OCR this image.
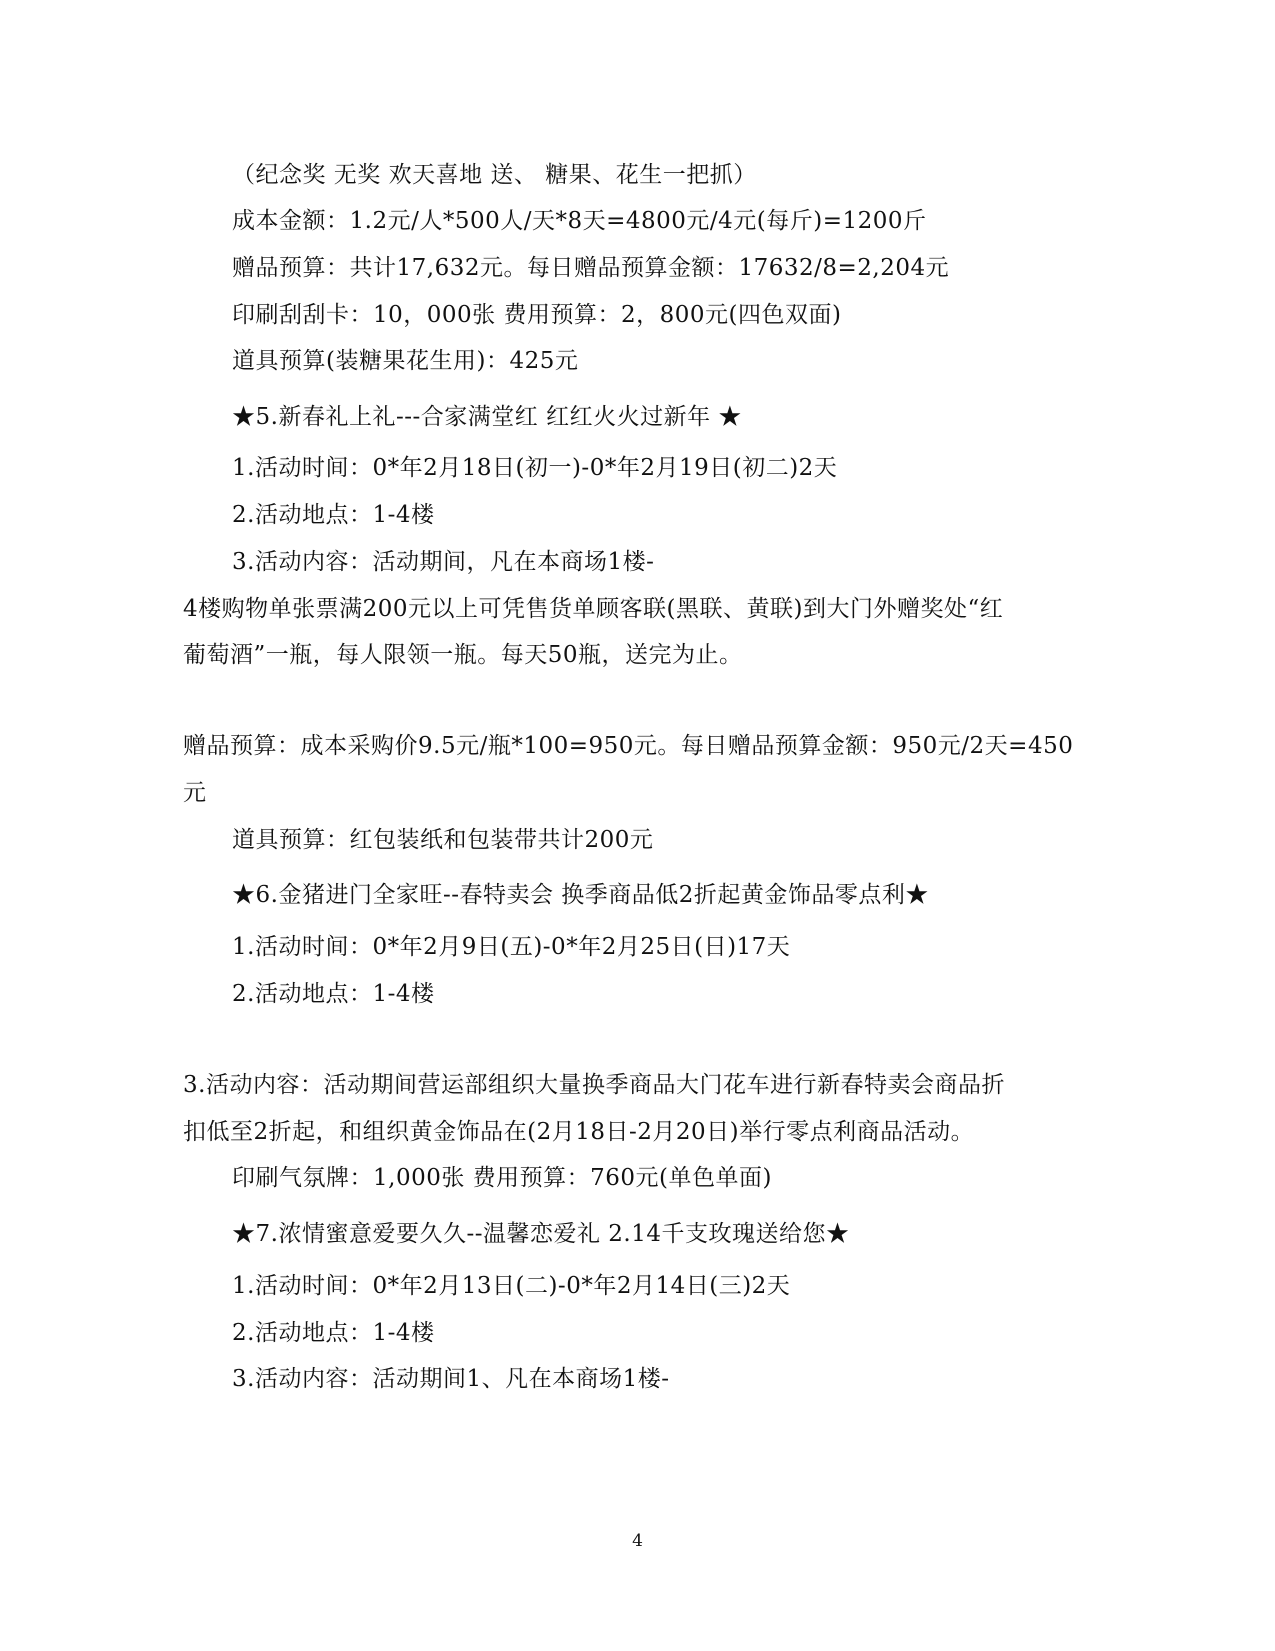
（纪念奖 无奖 欢天喜地 送、 糖果、花生一把抓）
成本金额：1.2元/人*500人/天*8天=4800元/4元(每斤)=1200斤
赠品预算：共计17,632元。每日赠品预算金额：17632/8=2,204元
印刷刮刮卡：10，000张 费用预算：2，800元(四色双面)
道具预算(装糖果花生用)：425元
★5.新春礼上礼---合家满堂红 红红火火过新年 ★
1.活动时间：0*年2月18日(初一)-0*年2月19日(初二)2天
2.活动地点：1-4楼
3.活动内容：活动期间，凡在本商场1楼-
4楼购物单张票满200元以上可凭售货单顾客联(黑联、黄联)到大门外赠奖处“红
葡萄酒”一瓶，每人限领一瓶。每天50瓶，送完为止。
赠品预算：成本采购价9.5元/瓶*100=950元。每日赠品预算金额：950元/2天=450
元
道具预算：红包装纸和包装带共计200元
★6.金猪进门全家旺--春特卖会 换季商品低2折起黄金饰品零点利★
1.活动时间：0*年2月9日(五)-0*年2月25日(日)17天
2.活动地点：1-4楼
3.活动内容：活动期间营运部组织大量换季商品大门花车进行新春特卖会商品折
扣低至2折起，和组织黄金饰品在(2月18日-2月20日)举行零点利商品活动。
印刷气氛牌：1,000张 费用预算：760元(单色单面)
★7.浓情蜜意爱要久久--温馨恋爱礼 2.14千支玫瑰送给您★
1.活动时间：0*年2月13日(二)-0*年2月14日(三)2天
2.活动地点：1-4楼
3.活动内容：活动期间1、凡在本商场1楼-
4
